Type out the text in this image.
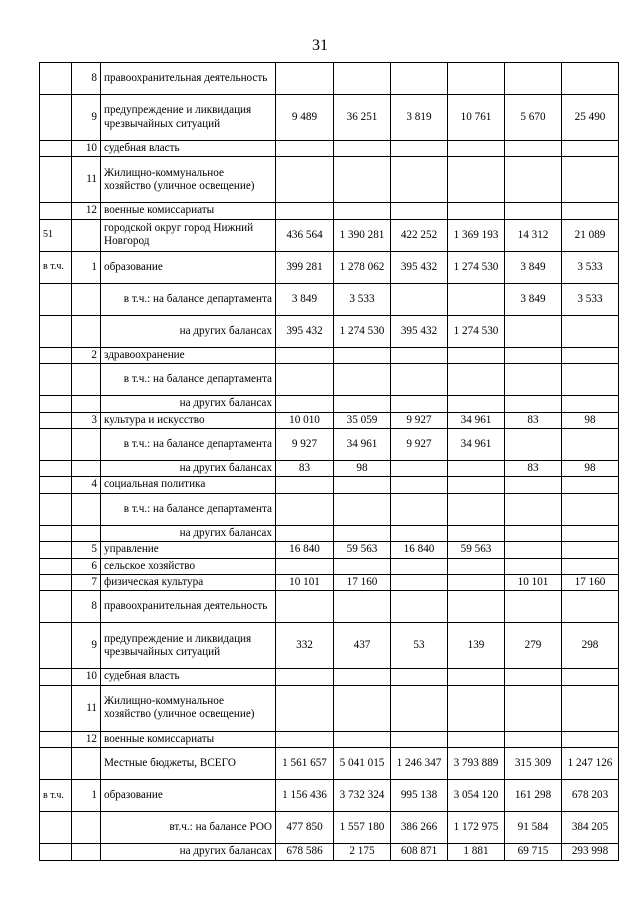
31
	8	правоохранительная деятельность						
	9	предупреждение и ликвидация чрезвычайных ситуаций	9 489	36 251	3 819	10 761	5 670	25 490
	10	судебная власть						
	11	Жилищно-коммунальное хозяйство (уличное освещение)						
	12	военные комиссариаты						
51		городской округ город Нижний Новгород	436 564	1 390 281	422 252	1 369 193	14 312	21 089
в т.ч.	1	образование	399 281	1 278 062	395 432	1 274 530	3 849	3 533
		в т.ч.: на балансе департамента	3 849	3 533			3 849	3 533
		на других балансах	395 432	1 274 530	395 432	1 274 530		
	2	здравоохранение						
		в т.ч.: на балансе департамента						
		на других балансах						
	3	культура и искусство	10 010	35 059	9 927	34 961	83	98
		в т.ч.: на балансе департамента	9 927	34 961	9 927	34 961		
		на других балансах	83	98			83	98
	4	социальная политика						
		в т.ч.: на балансе департамента						
		на других балансах						
	5	управление	16 840	59 563	16 840	59 563		
	6	сельское хозяйство						
	7	физическая культура	10 101	17 160			10 101	17 160
	8	правоохранительная деятельность						
	9	предупреждение и ликвидация чрезвычайных ситуаций	332	437	53	139	279	298
	10	судебная власть						
	11	Жилищно-коммунальное хозяйство (уличное освещение)						
	12	военные комиссариаты						
		Местные бюджеты, ВСЕГО	1 561 657	5 041 015	1 246 347	3 793 889	315 309	1 247 126
в т.ч.	1	образование	1 156 436	3 732 324	995 138	3 054 120	161 298	678 203
		вт.ч.: на балансе РОО	477 850	1 557 180	386 266	1 172 975	91 584	384 205
		на других балансах	678 586	2 175	608 871	1 881	69 715	293 998
